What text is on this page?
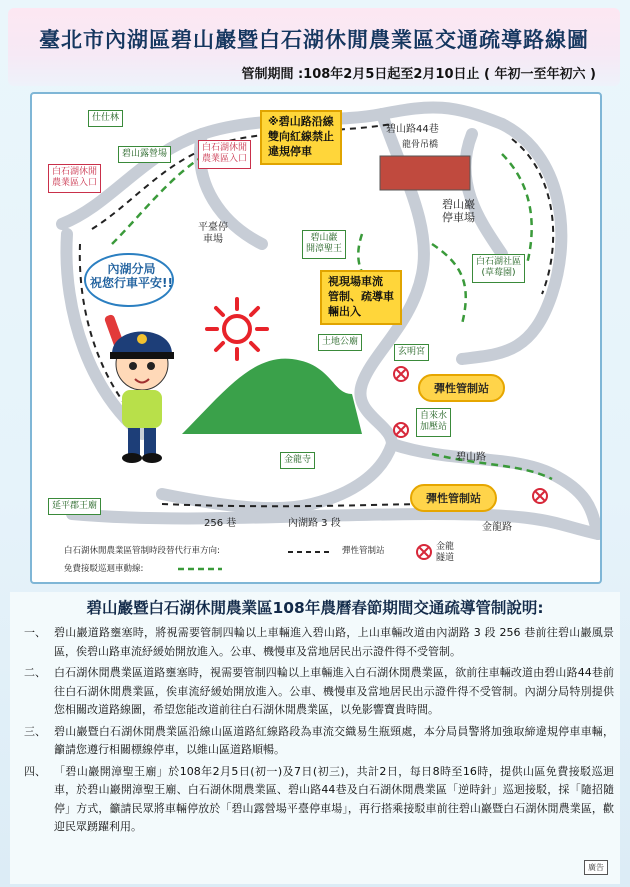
臺北市內湖區碧山巖暨白石湖休閒農業區交通疏導路線圖
管制期間 :108年2月5日起至2月10日止 ( 年初一至年初六 )
內湖分局
祝您行車平安!!
※碧山路沿線
雙向紅線禁止
違規停車
視現場車流
管制、疏導車
輛出入
彈性管制站
彈性管制站
仕仕林
白石湖休閒
農業區入口
碧山露營場
白石湖休閒
農業區入口
平臺停
車場	碧山巖
開漳聖王
碧山路44巷
龍骨吊橋
碧山巖
停車場
白石湖社區
(草莓園)
土地公廟
玄明宮
自來水
加壓站
金龍寺	碧山路
延平郡王廟
256 巷	內湖路 3 段	金龍路
金龍
隧道
白石湖休閒農業區管制時段替代行車方向:
免費接駁巡迴車動線:
彈性管制站
碧山巖暨白石湖休閒農業區108年農曆春節期間交通疏導管制說明:
一、 碧山巖道路壅塞時，將視需要管制四輪以上車輛進入碧山路，上山車輛改道由內湖路 3 段 256 巷前往碧山巖風景區，俟碧山路車流紓緩始開放進入。公車、機慢車及當地居民出示證件得不受管制。
二、 白石湖休閒農業區道路壅塞時，視需要管制四輪以上車輛進入白石湖休閒農業區，欲前往車輛改道由碧山路44巷前往白石湖休閒農業區，俟車流紓緩始開放進入。公車、機慢車及當地居民出示證件得不受管制。內湖分局特別提供您相關改道路線圖，希望您能改道前往白石湖休閒農業區，以免影響寶貴時間。
三、 碧山巖暨白石湖休閒農業區沿線山區道路紅線路段為車流交織易生瓶頸處，本分局員警將加強取締違規停車車輛，籲請您遵行相關標線停車，以維山區道路順暢。
四、 「碧山巖開漳聖王廟」於108年2月5日(初一)及7日(初三)，共計2日，每日8時至16時，提供山區免費接駁巡迴車，於碧山巖開漳聖王廟、白石湖休閒農業區、碧山路44巷及白石湖休閒農業區「逆時針」巡迴接駁，採「隨招隨停」方式，籲請民眾將車輛停放於「碧山露營場平臺停車場」，再行搭乘接駁車前往碧山巖暨白石湖休閒農業區，歡迎民眾踴躍利用。
廣告
